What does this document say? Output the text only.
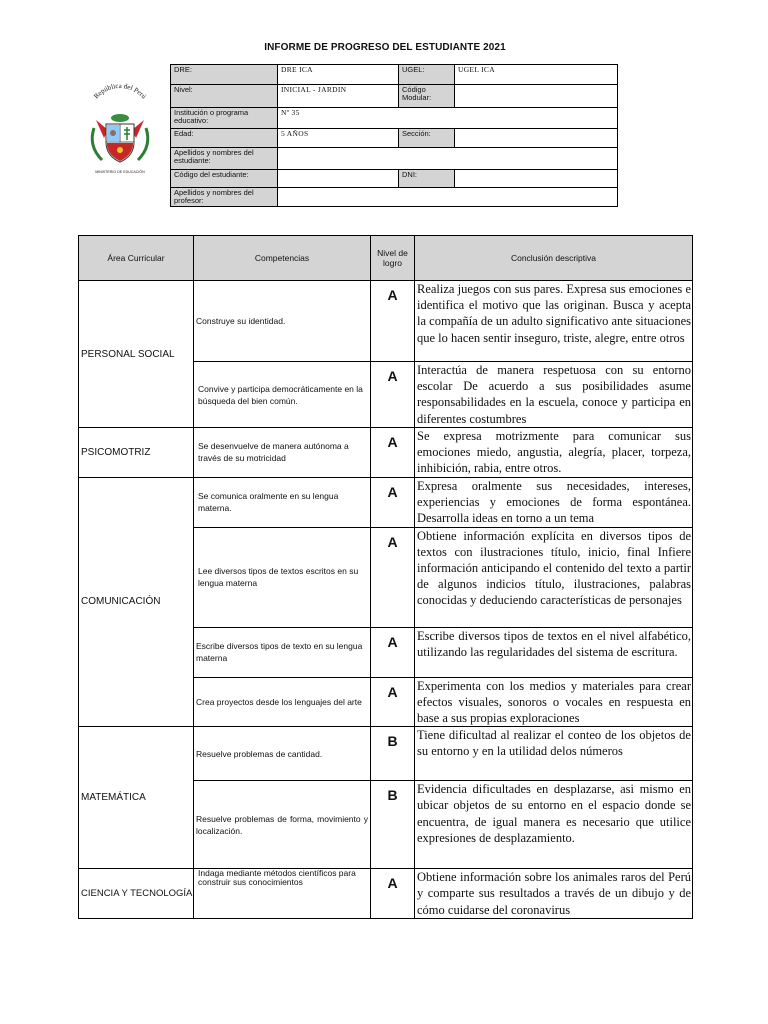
INFORME DE PROGRESO DEL ESTUDIANTE 2021
República del Perú
MINISTERIO DE EDUCACIÓN
DRE:	DRE ICA	UGEL:	UGEL ICA
Nivel:	INICIAL - JARDIN	Código Modular:	
Institución o programa educativo:	Nº 35		
Edad:	5 AÑOS	Sección:	
Apellidos y nombres del estudiante:			
Código del estudiante:		DNI:	
Apellidos y nombres del profesor:			
Área Curricular	Competencias	Nivel de logro	Conclusión descriptiva
PERSONAL SOCIAL	Construye su identidad.	A	Realiza juegos con sus pares. Expresa sus emociones e identifica el motivo que las originan. Busca y acepta la compañía de un adulto significativo ante situaciones que lo hacen sentir inseguro, triste, alegre, entre otros

	Convive y participa democráticamente en la búsqueda del bien común.	A	Interactúa de manera respetuosa con su entorno escolar De acuerdo a sus posibilidades asume responsabilidades en la escuela, conoce y participa en diferentes costumbres
PSICOMOTRIZ	Se desenvuelve de manera autónoma a través de su motricidad	A	Se expresa motrizmente para comunicar sus emociones miedo, angustia, alegría, placer, torpeza, inhibición, rabia, entre otros.
COMUNICACIÓN	Se comunica oralmente en su lengua materna.	A	Expresa oralmente sus necesidades, intereses, experiencias y emociones de forma espontánea. Desarrolla ideas en torno a un tema

	Lee diversos tipos de textos escritos en su lengua materna	A	Obtiene información explícita en diversos tipos de textos con ilustraciones título, inicio, final Infiere información anticipando el contenido del texto a partir de algunos indicios título, ilustraciones, palabras conocidas y deduciendo características de personajes

	Escribe diversos tipos de texto en su lengua materna	A	Escribe diversos tipos de textos en el nivel alfabético, utilizando las regularidades del sistema de escritura.

	Crea proyectos desde los lenguajes del arte	A	Experimenta con los medios y materiales para crear efectos visuales, sonoros o vocales en respuesta en base a sus propias exploraciones
MATEMÁTICA	Resuelve problemas de cantidad.	B	Tiene dificultad al realizar el conteo de los objetos de su entorno y en la utilidad delos números

	Resuelve problemas de forma, movimiento y localización.	B	Evidencia dificultades en desplazarse, asi mismo en ubicar objetos de su entorno en el espacio donde se encuentra, de igual manera es necesario que utilice expresiones de desplazamiento.
CIENCIA Y TECNOLOGÍA	Indaga mediante métodos científicos para construir sus conocimientos	A	Obtiene información sobre los animales raros del Perú y comparte sus resultados a través de un dibujo y de cómo cuidarse del coronavirus
